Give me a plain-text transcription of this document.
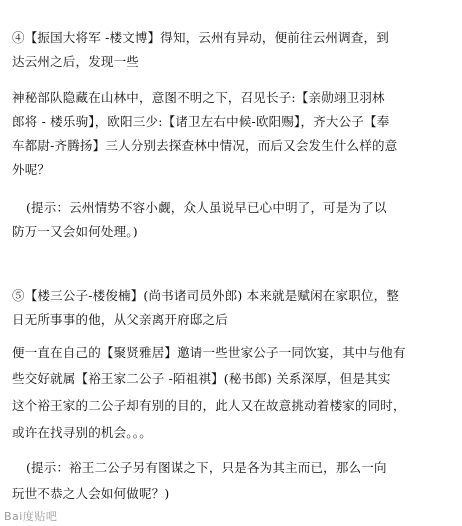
④【振国大将军 -楼文博】得知，云州有异动，便前往云州调查，到
达云州之后，发现一些
神秘部队隐藏在山林中，意图不明之下，召见长子:【亲勋翊卫羽林
郎将 - 楼乐驹】，欧阳三少:【诸卫左右中候-欧阳赐】，齐大公子【奉
车都尉-齐腾扬】三人分别去探查林中情况，而后又会发生什么样的意
外呢？
(提示：云州情势不容小觑，众人虽说早已心中明了，可是为了以
防万一又会如何处理。)
⑤【楼三公子-楼俊楠】(尚书诸司员外郎) 本来就是赋闲在家职位，整
日无所事事的他，从父亲离开府邸之后
便一直在自己的【聚贤雅居】邀请一些世家公子一同饮宴，其中与他有
些交好就属【裕王家二公子 -陌祖祺】(秘书郎) 关系深厚，但是其实
这个裕王家的二公子却有别的目的，此人又在故意挑动着楼家的同时，
或许在找寻别的机会。。。
(提示：裕王二公子另有图谋之下，只是各为其主而已，那么一向
玩世不恭之人会如何做呢？)
Bai度贴吧
